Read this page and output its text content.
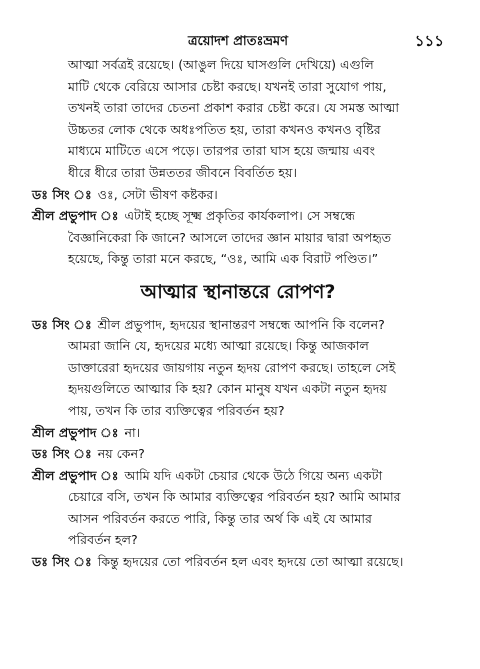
ত্রয়োদশ প্রাতঃভ্রমণ	১১১

আত্মা সর্বত্রই রয়েছে। (আঙুল দিয়ে ঘাসগুলি দেখিয়ে) এগুলি
মাটি থেকে বেরিয়ে আসার চেষ্টা করছে। যখনই তারা সুযোগ পায়,
তখনই তারা তাদের চেতনা প্রকাশ করার চেষ্টা করে। যে সমস্ত আত্মা
উচ্চতর লোক থেকে অধঃপতিত হয়, তারা কখনও কখনও বৃষ্টির
মাধ্যমে মাটিতে এসে পড়ে। তারপর তারা ঘাস হয়ে জন্মায় এবং
ধীরে ধীরে তারা উন্নততর জীবনে বিবর্তিত হয়।

ডঃ সিং ঃ ওঃ, সেটা ভীষণ কষ্টকর।

শ্রীল প্রভুপাদ ঃ এটাই হচ্ছে সূক্ষ্ম প্রকৃতির কার্যকলাপ। সে সম্বন্ধে
বৈজ্ঞানিকেরা কি জানে? আসলে তাদের জ্ঞান মায়ার দ্বারা অপহৃত
হয়েছে, কিন্তু তারা মনে করছে, “ওঃ, আমি এক বিরাট পণ্ডিত।”

আত্মার স্থানান্তরে রোপণ?

ডঃ সিং ঃ শ্রীল প্রভুপাদ, হৃদয়ের স্থানান্তরণ সম্বন্ধে আপনি কি বলেন?
আমরা জানি যে, হৃদয়ের মধ্যে আত্মা রয়েছে। কিন্তু আজকাল
ডাক্তারেরা হৃদয়ের জায়গায় নতুন হৃদয় রোপণ করছে। তাহলে সেই
হৃদয়গুলিতে আত্মার কি হয়? কোন মানুষ যখন একটা নতুন হৃদয়
পায়, তখন কি তার ব্যক্তিত্বের পরিবর্তন হয়?

শ্রীল প্রভুপাদ ঃ না।

ডঃ সিং ঃ নয় কেন?

শ্রীল প্রভুপাদ ঃ আমি যদি একটা চেয়ার থেকে উঠে গিয়ে অন্য একটা
চেয়ারে বসি, তখন কি আমার ব্যক্তিত্বের পরিবর্তন হয়? আমি আমার
আসন পরিবর্তন করতে পারি, কিন্তু তার অর্থ কি এই যে আমার
পরিবর্তন হল?

ডঃ সিং ঃ কিন্তু হৃদয়ের তো পরিবর্তন হল এবং হৃদয়ে তো আত্মা রয়েছে।
